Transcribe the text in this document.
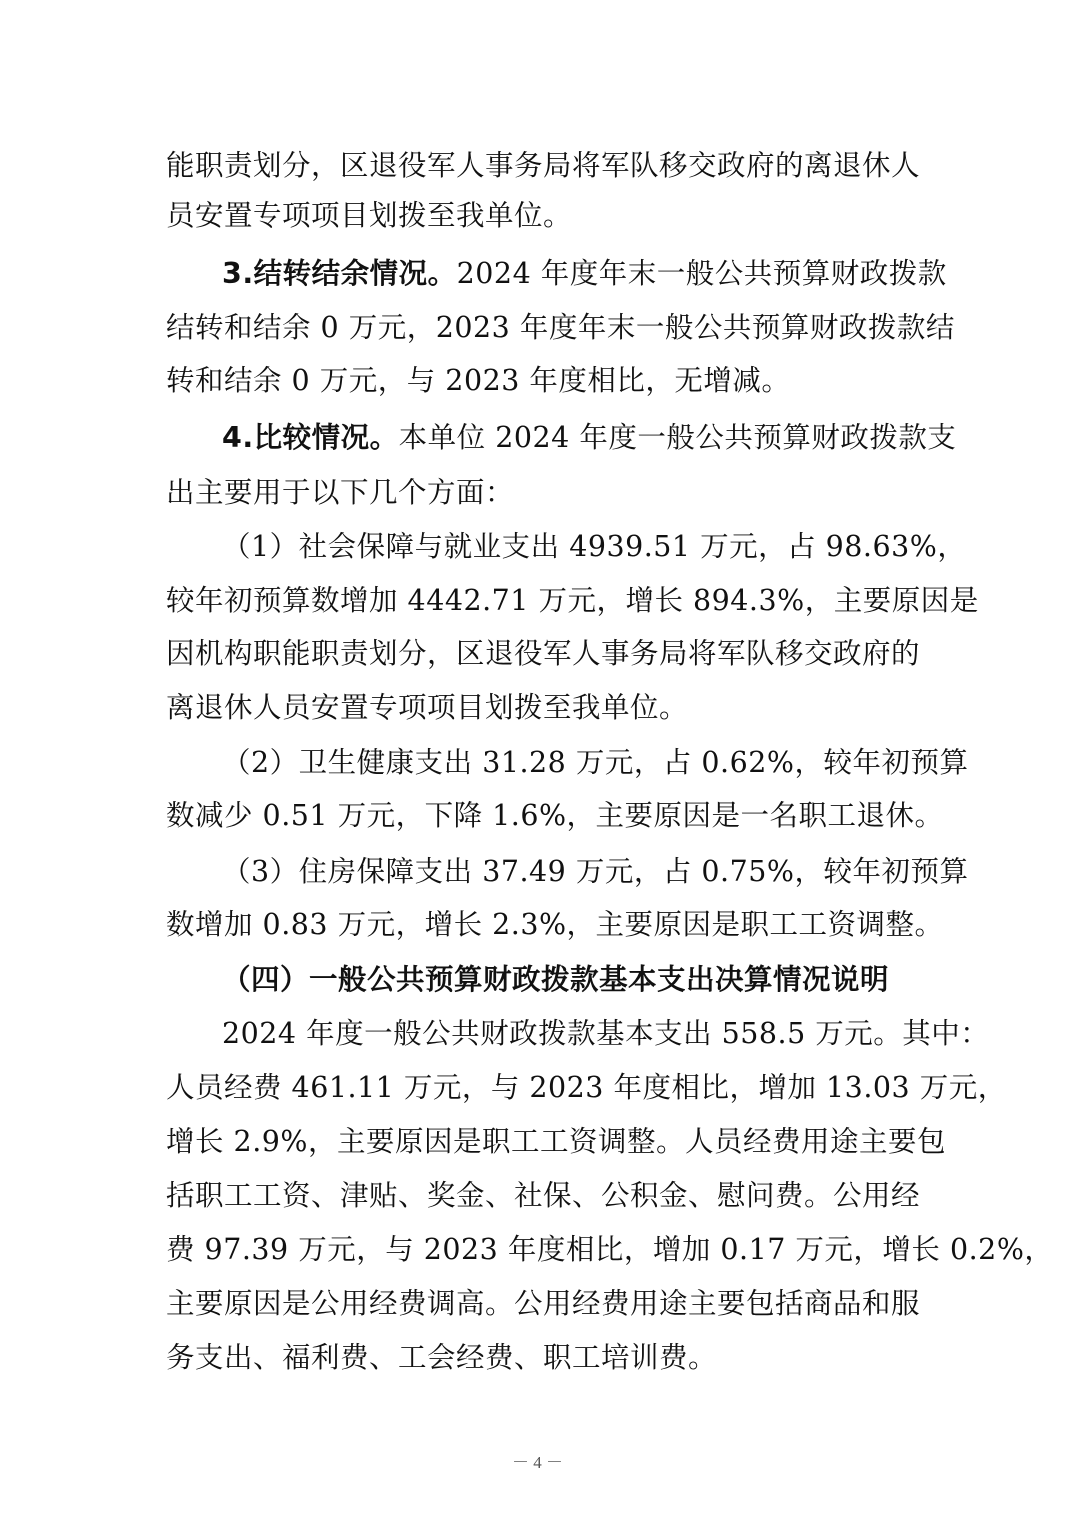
能职责划分，区退役军人事务局将军队移交政府的离退休人
员安置专项项目划拨至我单位。
3.结转结余情况。2024 年度年末一般公共预算财政拨款
结转和结余 0 万元，2023 年度年末一般公共预算财政拨款结
转和结余 0 万元，与 2023 年度相比，无增减。
4.比较情况。本单位 2024 年度一般公共预算财政拨款支
出主要用于以下几个方面：
（1）社会保障与就业支出 4939.51 万元，占 98.63%，
较年初预算数增加 4442.71 万元，增长 894.3%，主要原因是
因机构职能职责划分，区退役军人事务局将军队移交政府的
离退休人员安置专项项目划拨至我单位。
（2）卫生健康支出 31.28 万元，占 0.62%，较年初预算
数减少 0.51 万元，下降 1.6%，主要原因是一名职工退休。
（3）住房保障支出 37.49 万元，占 0.75%，较年初预算
数增加 0.83 万元，增长 2.3%，主要原因是职工工资调整。
（四）一般公共预算财政拨款基本支出决算情况说明
2024 年度一般公共财政拨款基本支出 558.5 万元。其中：
人员经费 461.11 万元，与 2023 年度相比，增加 13.03 万元，
增长 2.9%，主要原因是职工工资调整。人员经费用途主要包
括职工工资、津贴、奖金、社保、公积金、慰问费。公用经
费 97.39 万元，与 2023 年度相比，增加 0.17 万元，增长 0.2%，
主要原因是公用经费调高。公用经费用途主要包括商品和服
务支出、福利费、工会经费、职工培训费。
－ 4 －
